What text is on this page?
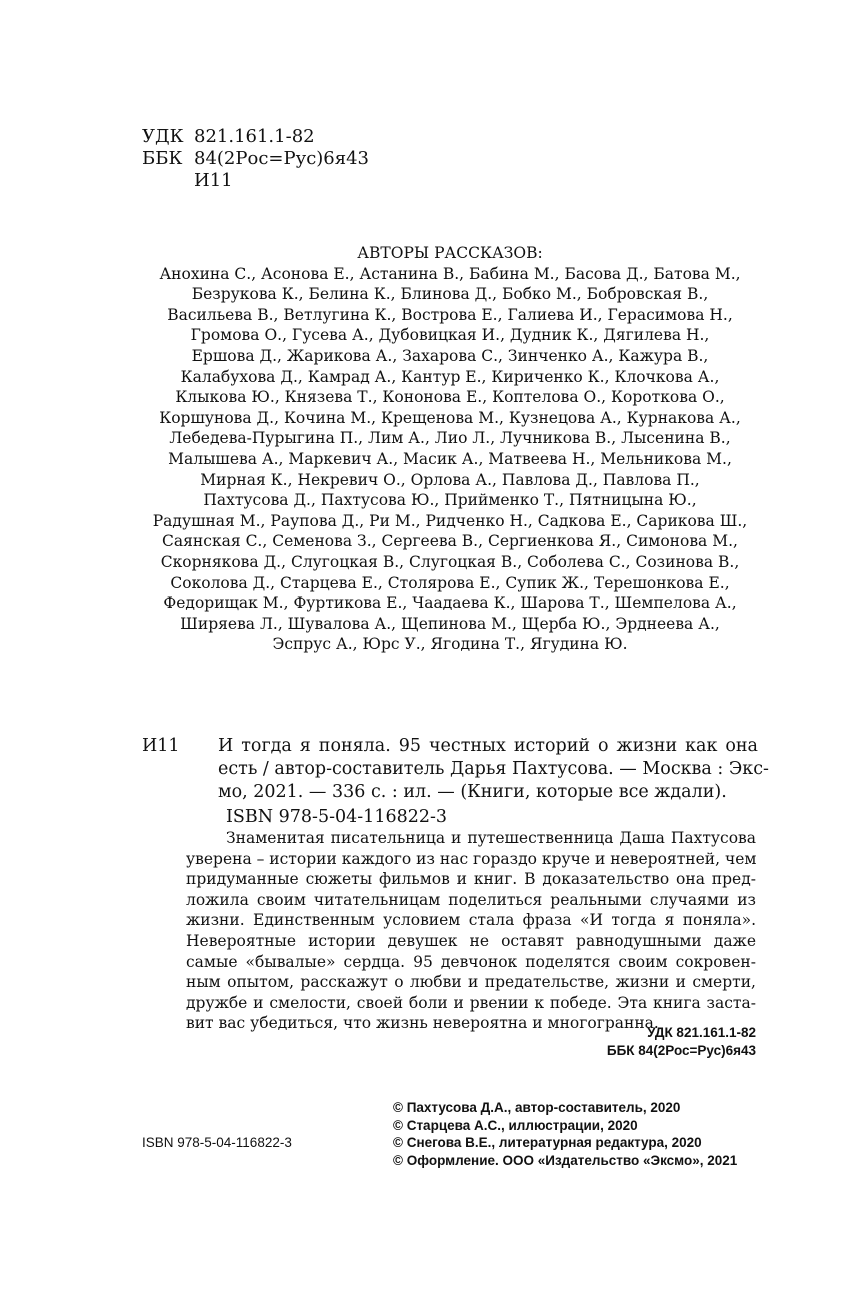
УДК 821.161.1-82
ББК 84(2Рос=Рус)6я43
И11
АВТОРЫ РАССКАЗОВ:
Анохина С., Асонова Е., Астанина В., Бабина М., Басова Д., Батова М.,
Безрукова К., Белина К., Блинова Д., Бобко М., Бобровская В.,
Васильева В., Ветлугина К., Вострова Е., Галиева И., Герасимова Н.,
Громова О., Гусева А., Дубовицкая И., Дудник К., Дягилева Н.,
Ершова Д., Жарикова А., Захарова С., Зинченко А., Кажура В.,
Калабухова Д., Камрад А., Кантур Е., Кириченко К., Клочкова А.,
Клыкова Ю., Князева Т., Кононова Е., Коптелова О., Короткова О.,
Коршунова Д., Кочина М., Крещенова М., Кузнецова А., Курнакова А.,
Лебедева-Пурыгина П., Лим А., Лио Л., Лучникова В., Лысенина В.,
Малышева А., Маркевич А., Масик А., Матвеева Н., Мельникова М.,
Мирная К., Некревич О., Орлова А., Павлова Д., Павлова П.,
Пахтусова Д., Пахтусова Ю., Прийменко Т., Пятницына Ю.,
Радушная М., Раупова Д., Ри М., Ридченко Н., Садкова Е., Сарикова Ш.,
Саянская С., Семенова З., Сергеева В., Сергиенкова Я., Симонова М.,
Скорнякова Д., Слугоцкая В., Слугоцкая В., Соболева С., Созинова В.,
Соколова Д., Старцева Е., Столярова Е., Супик Ж., Терешонкова Е.,
Федорищак М., Фуртикова Е., Чаадаева К., Шарова Т., Шемпелова А.,
Ширяева Л., Шувалова А., Щепинова М., Щерба Ю., Эрднеева А.,
Эспрус А., Юрс У., Ягодина Т., Ягудина Ю.
И11 И тогда я поняла. 95 честных историй о жизни как она
есть / автор-составитель Дарья Пахтусова. — Москва : Экс-
мо, 2021. — 336 с. : ил. — (Книги, которые все ждали).
ISBN 978-5-04-116822-3
Знаменитая писательница и путешественница Даша Пахтусова
уверена – истории каждого из нас гораздо круче и невероятней, чем
придуманные сюжеты фильмов и книг. В доказательство она пред-
ложила своим читательницам поделиться реальными случаями из
жизни. Единственным условием стала фраза «И тогда я поняла».
Невероятные истории девушек не оставят равнодушными даже
самые «бывалые» сердца. 95 девчонок поделятся своим сокровен-
ным опытом, расскажут о любви и предательстве, жизни и смерти,
дружбе и смелости, своей боли и рвении к победе. Эта книга заста-
вит вас убедиться, что жизнь невероятна и многогранна.
УДК 821.161.1-82
ББК 84(2Рос=Рус)6я43
ISBN 978-5-04-116822-3
© Пахтусова Д.А., автор-составитель, 2020
© Старцева А.С., иллюстрации, 2020
© Снегова В.Е., литературная редактура, 2020
© Оформление. ООО «Издательство «Эксмо», 2021
